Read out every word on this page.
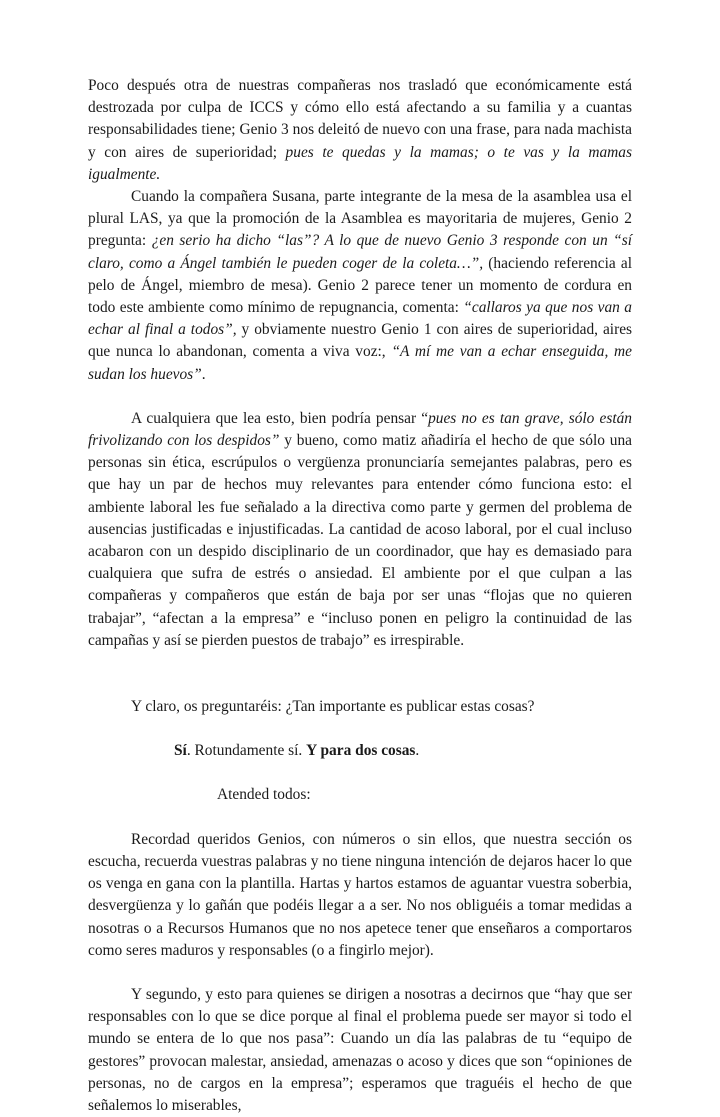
Poco después otra de nuestras compañeras nos trasladó que económicamente está destrozada por culpa de ICCS y cómo ello está afectando a su familia y a cuantas responsabilidades tiene; Genio 3 nos deleitó de nuevo con una frase, para nada machista y con aires de superioridad; pues te quedas y la mamas; o te vas y la mamas igualmente.

Cuando la compañera Susana, parte integrante de la mesa de la asamblea usa el plural LAS, ya que la promoción de la Asamblea es mayoritaria de mujeres, Genio 2 pregunta: ¿en serio ha dicho “las”? A lo que de nuevo Genio 3 responde con un “sí claro, como a Ángel también le pueden coger de la coleta…”, (haciendo referencia al pelo de Ángel, miembro de mesa). Genio 2 parece tener un momento de cordura en todo este ambiente como mínimo de repugnancia, comenta: “callaros ya que nos van a echar al final a todos”, y obviamente nuestro Genio 1 con aires de superioridad, aires que nunca lo abandonan, comenta a viva voz:, “A mí me van a echar enseguida, me sudan los huevos”.

A cualquiera que lea esto, bien podría pensar “pues no es tan grave, sólo están frivolizando con los despidos” y bueno, como matiz añadiría el hecho de que sólo una personas sin ética, escrúpulos o vergüenza pronunciaría semejantes palabras, pero es que hay un par de hechos muy relevantes para entender cómo funciona esto: el ambiente laboral les fue señalado a la directiva como parte y germen del problema de ausencias justificadas e injustificadas. La cantidad de acoso laboral, por el cual incluso acabaron con un despido disciplinario de un coordinador, que hay es demasiado para cualquiera que sufra de estrés o ansiedad. El ambiente por el que culpan a las compañeras y compañeros que están de baja por ser unas “flojas que no quieren trabajar”, “afectan a la empresa” e “incluso ponen en peligro la continuidad de las campañas y así se pierden puestos de trabajo” es irrespirable.

Y claro, os preguntaréis: ¿Tan importante es publicar estas cosas?

Sí. Rotundamente sí. Y para dos cosas.

Atended todos:

Recordad queridos Genios, con números o sin ellos, que nuestra sección os escucha, recuerda vuestras palabras y no tiene ninguna intención de dejaros hacer lo que os venga en gana con la plantilla. Hartas y hartos estamos de aguantar vuestra soberbia, desvergüenza y lo gañán que podéis llegar a a ser. No nos obliguéis a tomar medidas a nosotras o a Recursos Humanos que no nos apetece tener que enseñaros a comportaros como seres maduros y responsables (o a fingirlo mejor).

Y segundo, y esto para quienes se dirigen a nosotras a decirnos que “hay que ser responsables con lo que se dice porque al final el problema puede ser mayor si todo el mundo se entera de lo que nos pasa”: Cuando un día las palabras de tu “equipo de gestores” provocan malestar, ansiedad, amenazas o acoso y dices que son “opiniones de personas, no de cargos en la empresa”; esperamos que traguéis el hecho de que señalemos lo miserables,
